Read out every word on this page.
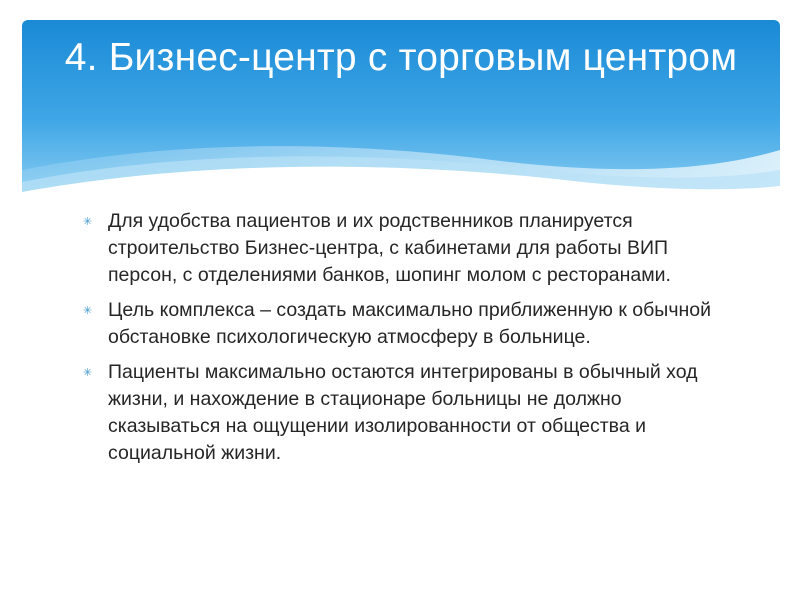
4. Бизнес-центр с торговым центром
✳ Для удобства пациентов и их родственников планируется строительство Бизнес-центра, с кабинетами для работы ВИП персон, с отделениями банков, шопинг молом с ресторанами.
✳ Цель комплекса – создать максимально приближенную к обычной обстановке психологическую атмосферу в больнице.
✳ Пациенты максимально остаются интегрированы в обычный ход жизни, и нахождение в стационаре больницы не должно сказываться на ощущении изолированности от общества и социальной жизни.
